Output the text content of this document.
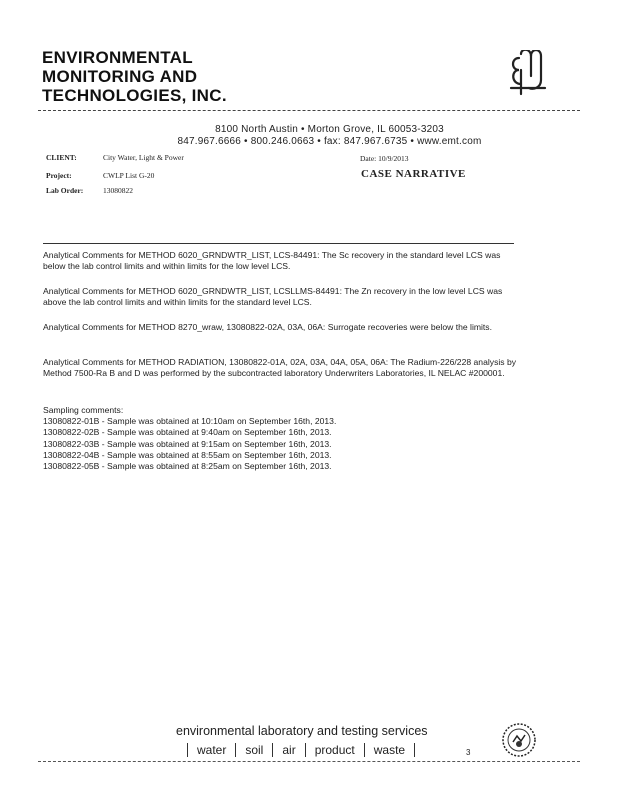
ENVIRONMENTAL
MONITORING AND
TECHNOLOGIES, INC.
8100 North Austin • Morton Grove, IL 60053-3203
847.967.6666 • 800.246.0663 • fax: 847.967.6735 • www.emt.com
CLIENT:	City Water, Light & Power	Date: 10/9/2013
Project:	CWLP List G-20	CASE NARRATIVE
Lab Order:	13080822
Analytical Comments for METHOD 6020_GRNDWTR_LIST, LCS-84491: The Sc recovery in the standard level LCS was below the lab control limits and within limits for the low level LCS.
Analytical Comments for METHOD 6020_GRNDWTR_LIST, LCSLLMS-84491: The Zn recovery in the low level LCS was above the lab control limits and within limits for the standard level LCS.
Analytical Comments for METHOD 8270_wraw, 13080822-02A, 03A, 06A: Surrogate recoveries were below the limits.
Analytical Comments for METHOD RADIATION, 13080822-01A, 02A, 03A, 04A, 05A, 06A: The Radium-226/228 analysis by Method 7500-Ra B and D was performed by the subcontracted laboratory Underwriters Laboratories, IL NELAC #200001.
Sampling comments:
13080822-01B - Sample was obtained at 10:10am on September 16th, 2013.
13080822-02B - Sample was obtained at 9:40am on September 16th, 2013.
13080822-03B - Sample was obtained at 9:15am on September 16th, 2013.
13080822-04B - Sample was obtained at 8:55am on September 16th, 2013.
13080822-05B - Sample was obtained at 8:25am on September 16th, 2013.
environmental laboratory and testing services
water soil air product waste	3
